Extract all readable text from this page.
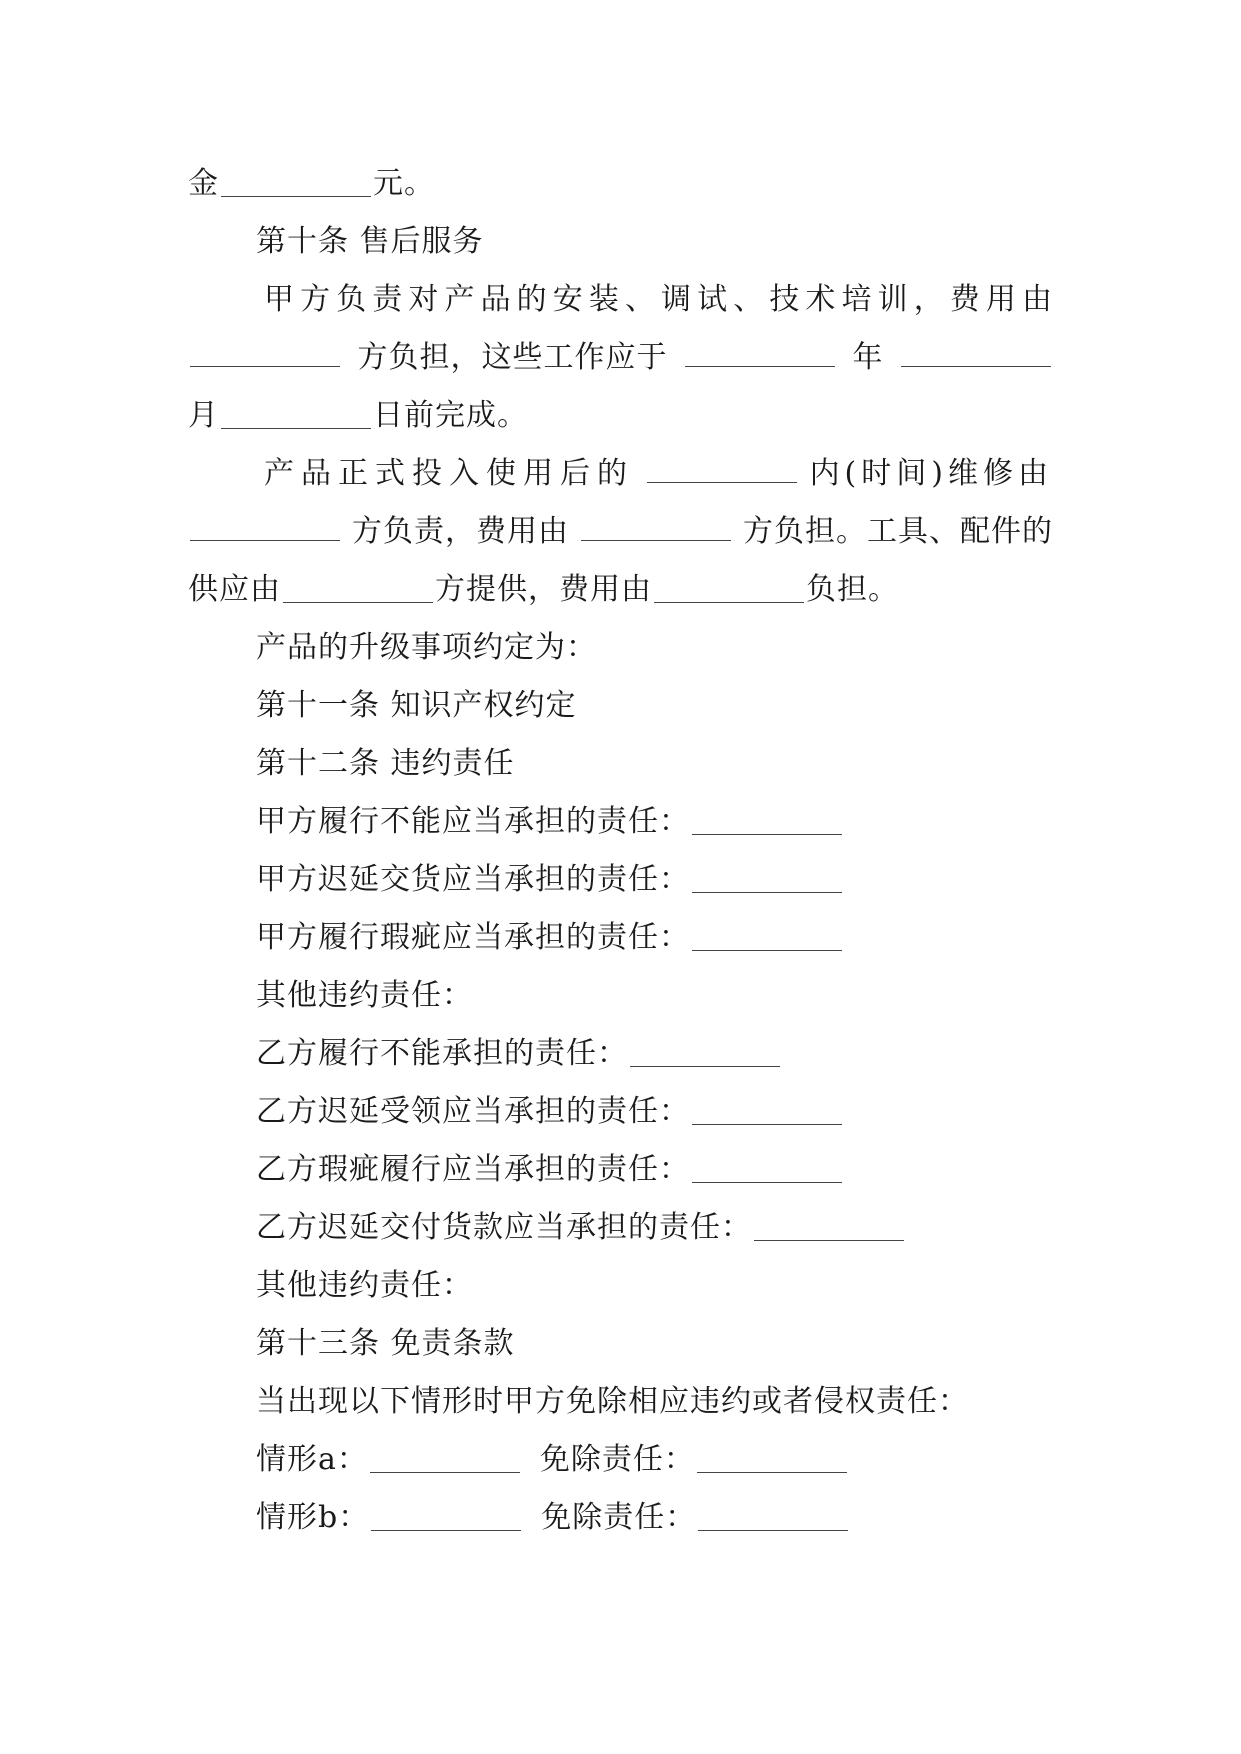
金	元。
第十条 售后服务
甲 方 负 责 对 产 品 的 安 装 、 调 试 、 技 术 培 训 ， 费 用 由
方负担，这些工作应于	年
月	日前完成。
产品正式投入使用后的	内(时间)维修由
方负责，费用由	方负担。工具、配件的
供应由	方提供，费用由	负担。
产品的升级事项约定为：
第十一条 知识产权约定
第十二条 违约责任
甲方履行不能应当承担的责任：
甲方迟延交货应当承担的责任：
甲方履行瑕疵应当承担的责任：
其他违约责任：
乙方履行不能承担的责任：
乙方迟延受领应当承担的责任：
乙方瑕疵履行应当承担的责任：
乙方迟延交付货款应当承担的责任：
其他违约责任：
第十三条 免责条款
当出现以下情形时甲方免除相应违约或者侵权责任：
情形a：	免除责任：
情形b：	免除责任：
